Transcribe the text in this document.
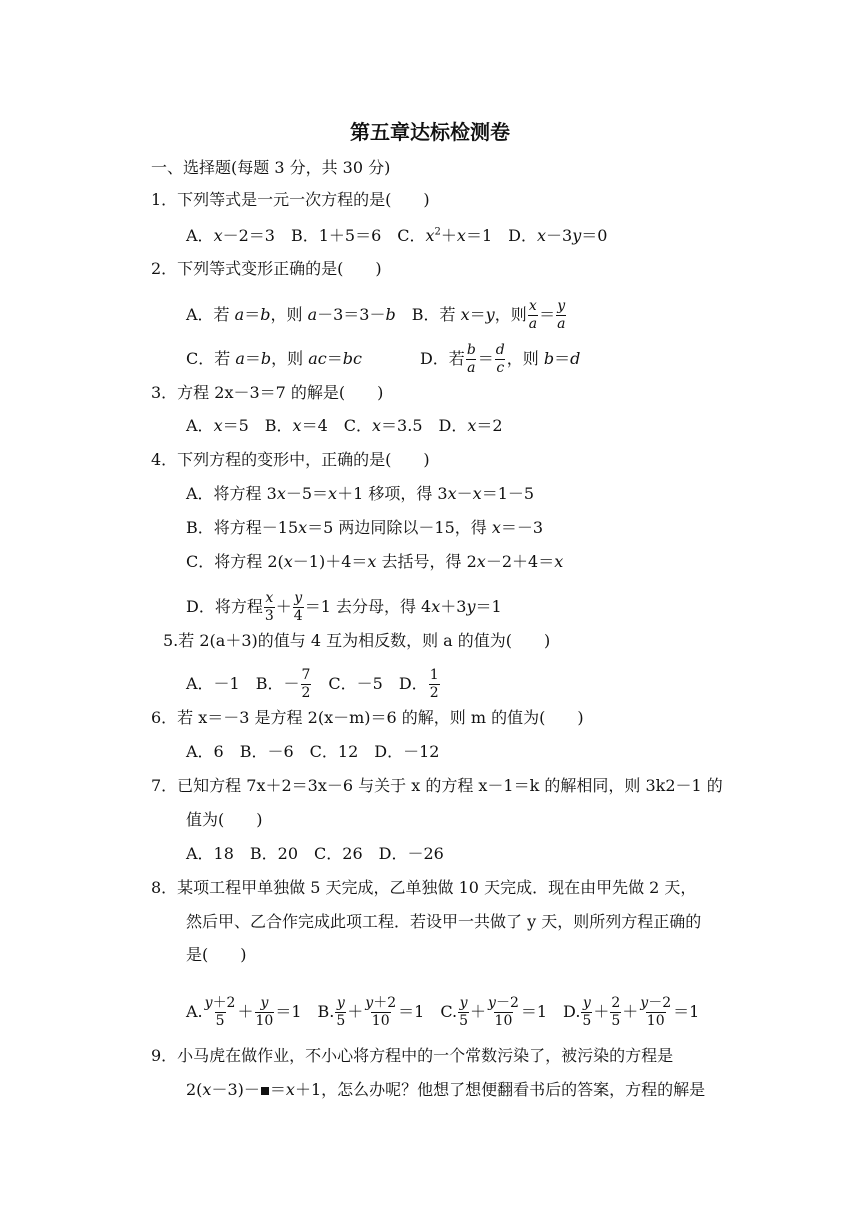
第五章达标检测卷
一、选择题(每题 3 分，共 30 分)
1．下列等式是一元一次方程的是(　　)
A．x－2＝3　B．1＋5＝6　C．$x^2+x=1$　D．x－3y＝0
2．下列等式变形正确的是(　　)
A．若 a＝b，则 a－3＝3－b　B．若 x＝y，则 $\frac{x}{a} = \frac{y}{a}$
C．若 a＝b，则 ac＝bc	D．若 $\frac{b}{a} = \frac{d}{c}$ ，则 b＝d
3．方程 2x－3＝7 的解是(　　)
A．x＝5　B．x＝4　C．x＝3.5　D．x＝2
4．下列方程的变形中，正确的是(　　)
A．将方程 3x－5＝x＋1 移项，得 3x－x＝1－5
B．将方程－15x＝5 两边同除以－15，得 x＝－3
C．将方程 2(x－1)＋4＝x 去括号，得 2x－2＋4＝x
D．将方程 $\frac{x}{3} + \frac{y}{4} =1$ 去分母，得 4x＋3y＝1
5.若 2(a＋3)的值与 4 互为相反数，则 a 的值为(　　)
A．－1　B．－ $\frac{7}{2}$ 　C．－5　D． $\frac{1}{2}$
6．若 x＝－3 是方程 2(x－m)＝6 的解，则 m 的值为(　　)
A．6　B．－6　C．12　D．－12
7．已知方程 7x＋2＝3x－6 与关于 x 的方程 x－1＝k 的解相同，则 3k2－1 的
值为(　　)
A．18　B．20　C．26　D．－26
8．某项工程甲单独做 5 天完成，乙单独做 10 天完成．现在由甲先做 2 天，
然后甲、乙合作完成此项工程．若设甲一共做了 y 天，则所列方程正确的
是(　　)
A. $\frac{y+2}{5} + \frac{y}{10} =1$　B. $\frac{y}{5} + \frac{y+2}{10} =1$　C. $\frac{y}{5} + \frac{y-2}{10} =1$　D. $\frac{y}{5} + \frac{2}{5} + \frac{y-2}{10} =1$
9．小马虎在做作业，不小心将方程中的一个常数污染了，被污染的方程是
2(x－3)－ ＝x＋1，怎么办呢？他想了想便翻看书后的答案，方程的解是
